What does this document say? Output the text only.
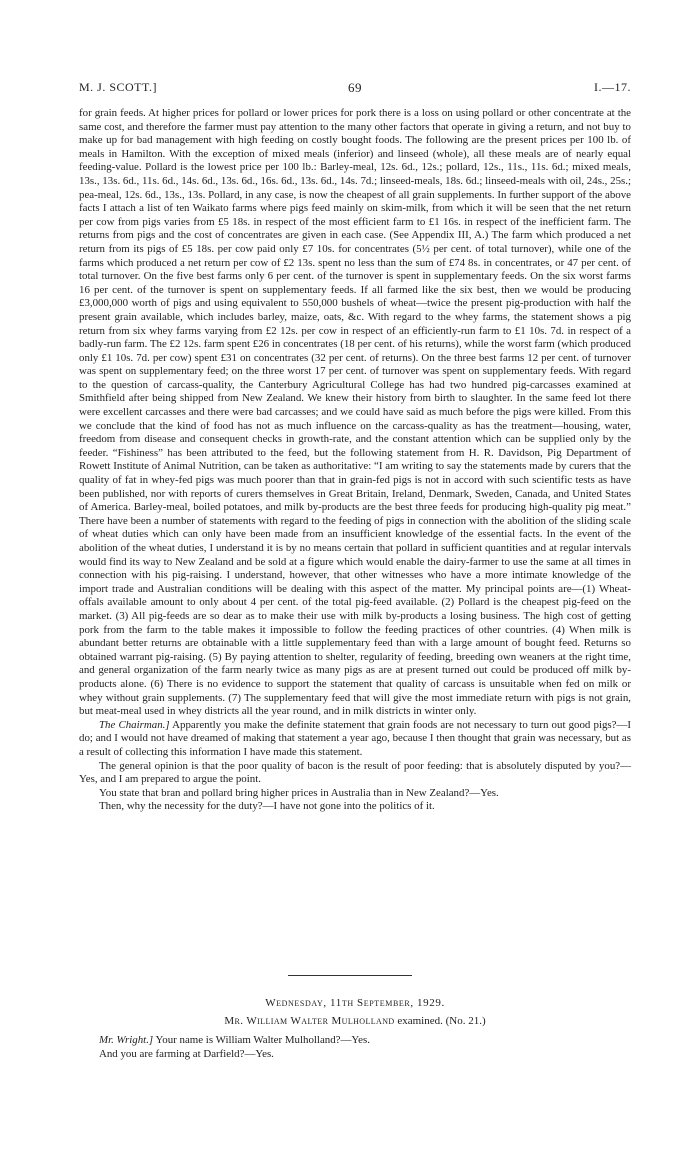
M. J. SCOTT.]	69	I.—17.

for grain feeds. At higher prices for pollard or lower prices for pork there is a loss on using pollard or other concentrate at the same cost, and therefore the farmer must pay attention to the many other factors that operate in giving a return, and not buy to make up for bad management with high feeding on costly bought foods. The following are the present prices per 100 lb. of meals in Hamilton. With the exception of mixed meals (inferior) and linseed (whole), all these meals are of nearly equal feeding-value. Pollard is the lowest price per 100 lb.: Barley-meal, 12s. 6d., 12s.; pollard, 12s., 11s., 11s. 6d.; mixed meals, 13s., 13s. 6d., 11s. 6d., 14s. 6d., 13s. 6d., 16s. 6d., 13s. 6d., 14s. 7d.; linseed-meals, 18s. 6d.; linseed-meals with oil, 24s., 25s.; pea-meal, 12s. 6d., 13s., 13s. Pollard, in any case, is now the cheapest of all grain supplements. In further support of the above facts I attach a list of ten Waikato farms where pigs feed mainly on skim-milk, from which it will be seen that the net return per cow from pigs varies from £5 18s. in respect of the most efficient farm to £1 16s. in respect of the inefficient farm. The returns from pigs and the cost of concentrates are given in each case. (See Appendix III, A.) The farm which produced a net return from its pigs of £5 18s. per cow paid only £7 10s. for concentrates (5½ per cent. of total turnover), while one of the farms which produced a net return per cow of £2 13s. spent no less than the sum of £74 8s. in concentrates, or 47 per cent. of total turnover. On the five best farms only 6 per cent. of the turnover is spent in supplementary feeds. On the six worst farms 16 per cent. of the turnover is spent on supplementary feeds. If all farmed like the six best, then we would be producing £3,000,000 worth of pigs and using equivalent to 550,000 bushels of wheat—twice the present pig-production with half the present grain available, which includes barley, maize, oats, &c. With regard to the whey farms, the statement shows a pig return from six whey farms varying from £2 12s. per cow in respect of an efficiently-run farm to £1 10s. 7d. in respect of a badly-run farm. The £2 12s. farm spent £26 in concentrates (18 per cent. of his returns), while the worst farm (which produced only £1 10s. 7d. per cow) spent £31 on concentrates (32 per cent. of returns). On the three best farms 12 per cent. of turnover was spent on supplementary feed; on the three worst 17 per cent. of turnover was spent on supplementary feeds. With regard to the question of carcass-quality, the Canterbury Agricultural College has had two hundred pig-carcasses examined at Smithfield after being shipped from New Zealand. We knew their history from birth to slaughter. In the same feed lot there were excellent carcasses and there were bad carcasses; and we could have said as much before the pigs were killed. From this we conclude that the kind of food has not as much influence on the carcass-quality as has the treatment—housing, water, freedom from disease and consequent checks in growth-rate, and the constant attention which can be supplied only by the feeder. “Fishiness” has been attributed to the feed, but the following statement from H. R. Davidson, Pig Department of Rowett Institute of Animal Nutrition, can be taken as authoritative: “I am writing to say the statements made by curers that the quality of fat in whey-fed pigs was much poorer than that in grain-fed pigs is not in accord with such scientific tests as have been published, nor with reports of curers themselves in Great Britain, Ireland, Denmark, Sweden, Canada, and United States of America. Barley-meal, boiled potatoes, and milk by-products are the best three feeds for producing high-quality pig meat.” There have been a number of statements with regard to the feeding of pigs in connection with the abolition of the sliding scale of wheat duties which can only have been made from an insufficient knowledge of the essential facts. In the event of the abolition of the wheat duties, I understand it is by no means certain that pollard in sufficient quantities and at regular intervals would find its way to New Zealand and be sold at a figure which would enable the dairy-farmer to use the same at all times in connection with his pig-raising. I understand, however, that other witnesses who have a more intimate knowledge of the import trade and Australian conditions will be dealing with this aspect of the matter. My principal points are—(1) Wheat-offals available amount to only about 4 per cent. of the total pig-feed available. (2) Pollard is the cheapest pig-feed on the market. (3) All pig-feeds are so dear as to make their use with milk by-products a losing business. The high cost of getting pork from the farm to the table makes it impossible to follow the feeding practices of other countries. (4) When milk is abundant better returns are obtainable with a little supplementary feed than with a large amount of bought feed. Returns so obtained warrant pig-raising. (5) By paying attention to shelter, regularity of feeding, breeding own weaners at the right time, and general organization of the farm nearly twice as many pigs as are at present turned out could be produced off milk by-products alone. (6) There is no evidence to support the statement that quality of carcass is unsuitable when fed on milk or whey without grain supplements. (7) The supplementary feed that will give the most immediate return with pigs is not grain, but meat-meal used in whey districts all the year round, and in milk districts in winter only.

The Chairman.] Apparently you make the definite statement that grain foods are not necessary to turn out good pigs?—I do; and I would not have dreamed of making that statement a year ago, because I then thought that grain was necessary, but as a result of collecting this information I have made this statement.

The general opinion is that the poor quality of bacon is the result of poor feeding: that is absolutely disputed by you?—Yes, and I am prepared to argue the point.

You state that bran and pollard bring higher prices in Australia than in New Zealand?—Yes.

Then, why the necessity for the duty?—I have not gone into the politics of it.

Wednesday, 11th September, 1929.
Mr. William Walter Mulholland examined. (No. 21.)

Mr. Wright.] Your name is William Walter Mulholland?—Yes.

And you are farming at Darfield?—Yes.
